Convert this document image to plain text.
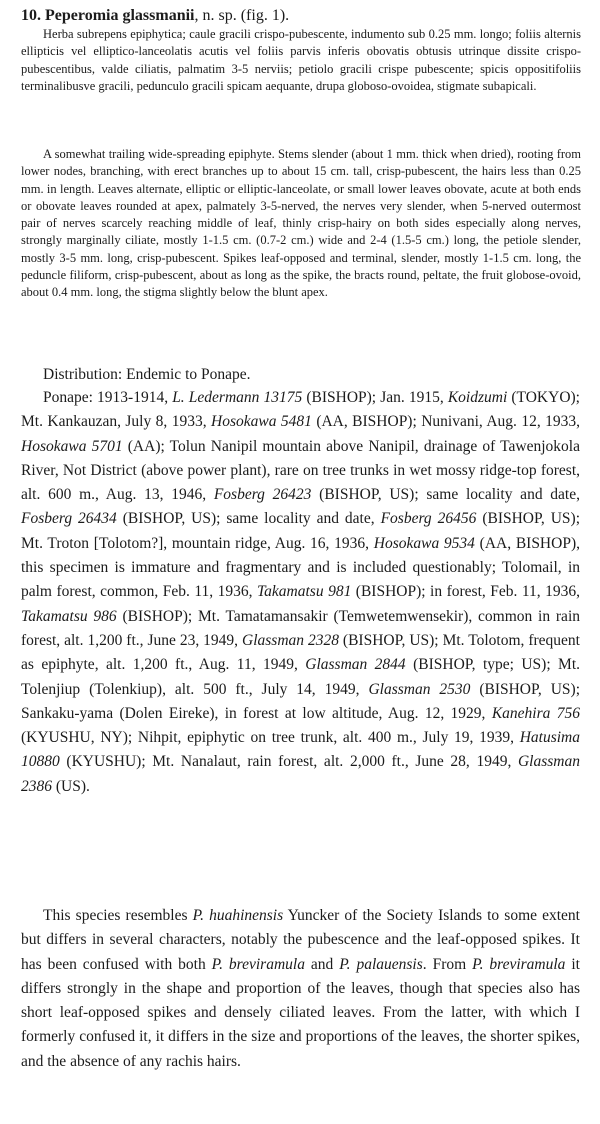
10. Peperomia glassmanii, n. sp. (fig. 1).

Herba subrepens epiphytica; caule gracili crispo-pubescente, indumento sub 0.25 mm. longo; foliis alternis ellipticis vel elliptico-lanceolatis acutis vel foliis parvis inferis obovatis obtusis utrinque dissite crispo-pubescentibus, valde ciliatis, palmatim 3-5 nerviis; petiolo gracili crispe pubescente; spicis oppositifoliis terminalibusve gracili, pedunculo gracili spicam aequante, drupa globoso-ovoidea, stigmate subapicali.

A somewhat trailing wide-spreading epiphyte. Stems slender (about 1 mm. thick when dried), rooting from lower nodes, branching, with erect branches up to about 15 cm. tall, crisp-pubescent, the hairs less than 0.25 mm. in length. Leaves alternate, elliptic or elliptic-lanceolate, or small lower leaves obovate, acute at both ends or obovate leaves rounded at apex, palmately 3-5-nerved, the nerves very slender, when 5-nerved outermost pair of nerves scarcely reaching middle of leaf, thinly crisp-hairy on both sides especially along nerves, strongly marginally ciliate, mostly 1-1.5 cm. (0.7-2 cm.) wide and 2-4 (1.5-5 cm.) long, the petiole slender, mostly 3-5 mm. long, crisp-pubescent. Spikes leaf-opposed and terminal, slender, mostly 1-1.5 cm. long, the peduncle filiform, crisp-pubescent, about as long as the spike, the bracts round, peltate, the fruit globose-ovoid, about 0.4 mm. long, the stigma slightly below the blunt apex.

Distribution: Endemic to Ponape.

Ponape: 1913-1914, L. Ledermann 13175 (BISHOP); Jan. 1915, Koidzumi (TOKYO); Mt. Kankauzan, July 8, 1933, Hosokawa 5481 (AA, BISHOP); Nunivani, Aug. 12, 1933, Hosokawa 5701 (AA); Tolun Nanipil mountain above Nanipil, drainage of Tawenjokola River, Not District (above power plant), rare on tree trunks in wet mossy ridge-top forest, alt. 600 m., Aug. 13, 1946, Fosberg 26423 (BISHOP, US); same locality and date, Fosberg 26434 (BISHOP, US); same locality and date, Fosberg 26456 (BISHOP, US); Mt. Troton [Tolotom?], mountain ridge, Aug. 16, 1936, Hosokawa 9534 (AA, BISHOP), this specimen is immature and fragmentary and is included questionably; Tolomail, in palm forest, common, Feb. 11, 1936, Takamatsu 981 (BISHOP); in forest, Feb. 11, 1936, Takamatsu 986 (BISHOP); Mt. Tamatamansakir (Temwetemwensekir), common in rain forest, alt. 1,200 ft., June 23, 1949, Glassman 2328 (BISHOP, US); Mt. Tolotom, frequent as epiphyte, alt. 1,200 ft., Aug. 11, 1949, Glassman 2844 (BISHOP, type; US); Mt. Tolenjiup (Tolenkiup), alt. 500 ft., July 14, 1949, Glassman 2530 (BISHOP, US); Sankaku-yama (Dolen Eireke), in forest at low altitude, Aug. 12, 1929, Kanehira 756 (KYUSHU, NY); Nihpit, epiphytic on tree trunk, alt. 400 m., July 19, 1939, Hatusima 10880 (KYUSHU); Mt. Nanalaut, rain forest, alt. 2,000 ft., June 28, 1949, Glassman 2386 (US).

This species resembles P. huahinensis Yuncker of the Society Islands to some extent but differs in several characters, notably the pubescence and the leaf-opposed spikes. It has been confused with both P. breviramula and P. palauensis. From P. breviramula it differs strongly in the shape and proportion of the leaves, though that species also has short leaf-opposed spikes and densely ciliated leaves. From the latter, with which I formerly confused it, it differs in the size and proportions of the leaves, the shorter spikes, and the absence of any rachis hairs.
